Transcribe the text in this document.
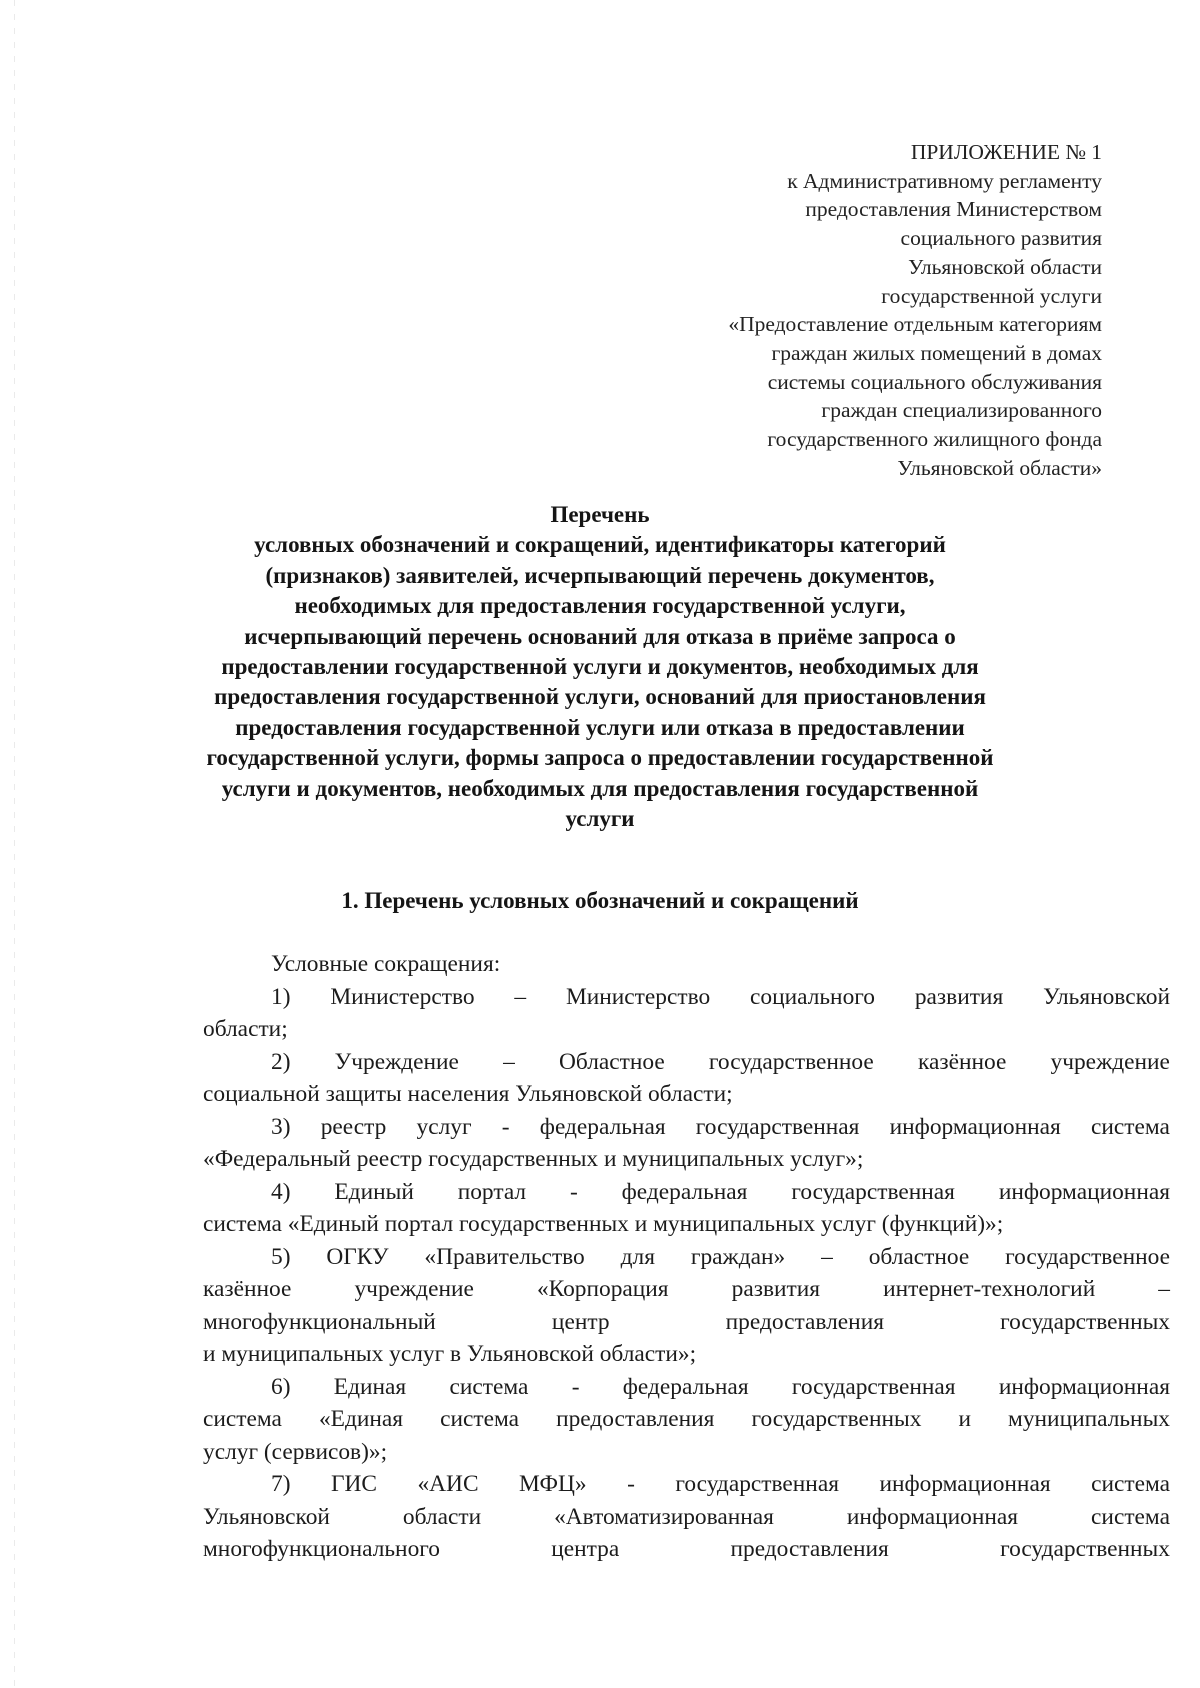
ПРИЛОЖЕНИЕ № 1
к Административному регламенту
предоставления Министерством
социального развития
Ульяновской области
государственной услуги
«Предоставление отдельным категориям
граждан жилых помещений в домах
системы социального обслуживания
граждан специализированного
государственного жилищного фонда
Ульяновской области»
Перечень
условных обозначений и сокращений, идентификаторы категорий
(признаков) заявителей, исчерпывающий перечень документов,
необходимых для предоставления государственной услуги,
исчерпывающий перечень оснований для отказа в приёме запроса о
предоставлении государственной услуги и документов, необходимых для
предоставления государственной услуги, оснований для приостановления
предоставления государственной услуги или отказа в предоставлении
государственной услуги, формы запроса о предоставлении государственной
услуги и документов, необходимых для предоставления государственной
услуги
1. Перечень условных обозначений и сокращений
Условные сокращения:
1) Министерство – Министерство социального развития Ульяновской
области;
2) Учреждение – Областное государственное казённое учреждение
социальной защиты населения Ульяновской области;
3) реестр услуг - федеральная государственная информационная система
«Федеральный реестр государственных и муниципальных услуг»;
4) Единый портал - федеральная государственная информационная
система «Единый портал государственных и муниципальных услуг (функций)»;
5) ОГКУ «Правительство для граждан» – областное государственное
казённое	учреждение	«Корпорация	развития	интернет-технологий	–
многофункциональный	центр	предоставления	государственных
и муниципальных услуг в Ульяновской области»;
6) Единая система - федеральная государственная информационная
система «Единая система предоставления государственных и муниципальных
услуг (сервисов)»;
7) ГИС «АИС МФЦ» - государственная информационная система
Ульяновской	области	«Автоматизированная	информационная	система
многофункционального	центра	предоставления	государственных
